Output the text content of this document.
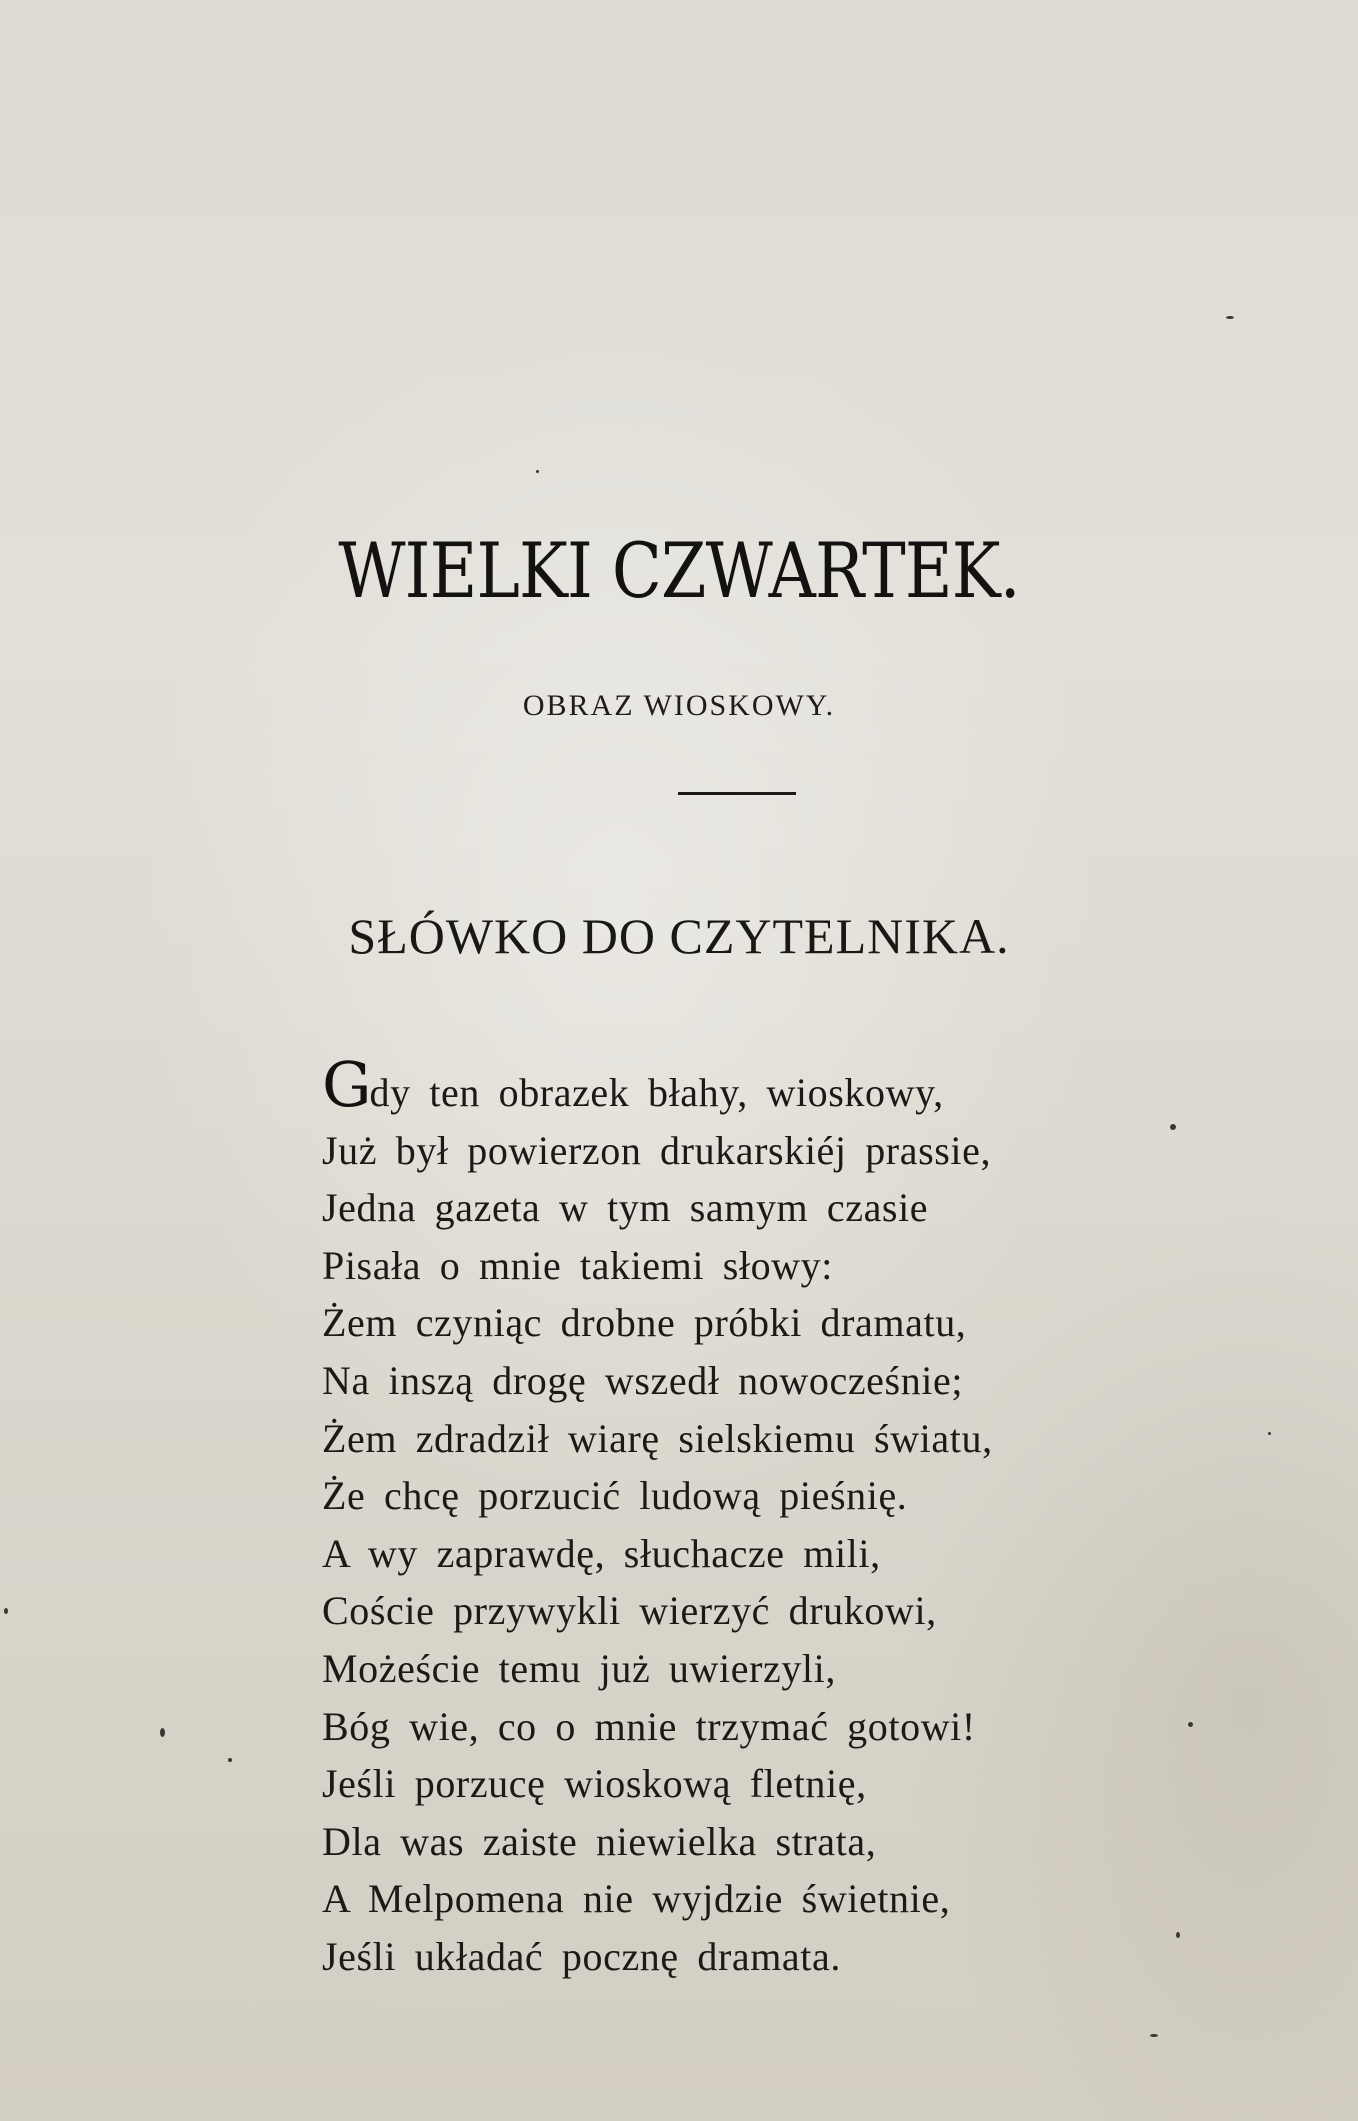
WIELKI CZWARTEK.
OBRAZ WIOSKOWY.
SŁÓWKO DO CZYTELNIKA.
Gdy ten obrazek błahy, wioskowy,
Już był powierzon drukarskiéj prassie,
Jedna gazeta w tym samym czasie
Pisała o mnie takiemi słowy:
Żem czyniąc drobne próbki dramatu,
Na inszą drogę wszedł nowocześnie;
Żem zdradził wiarę sielskiemu światu,
Że chcę porzucić ludową pieśnię.
A wy zaprawdę, słuchacze mili,
Coście przywykli wierzyć drukowi,
Możeście temu już uwierzyli,
Bóg wie, co o mnie trzymać gotowi!
Jeśli porzucę wioskową fletnię,
Dla was zaiste niewielka strata,
A Melpomena nie wyjdzie świetnie,
Jeśli układać pocznę dramata.
